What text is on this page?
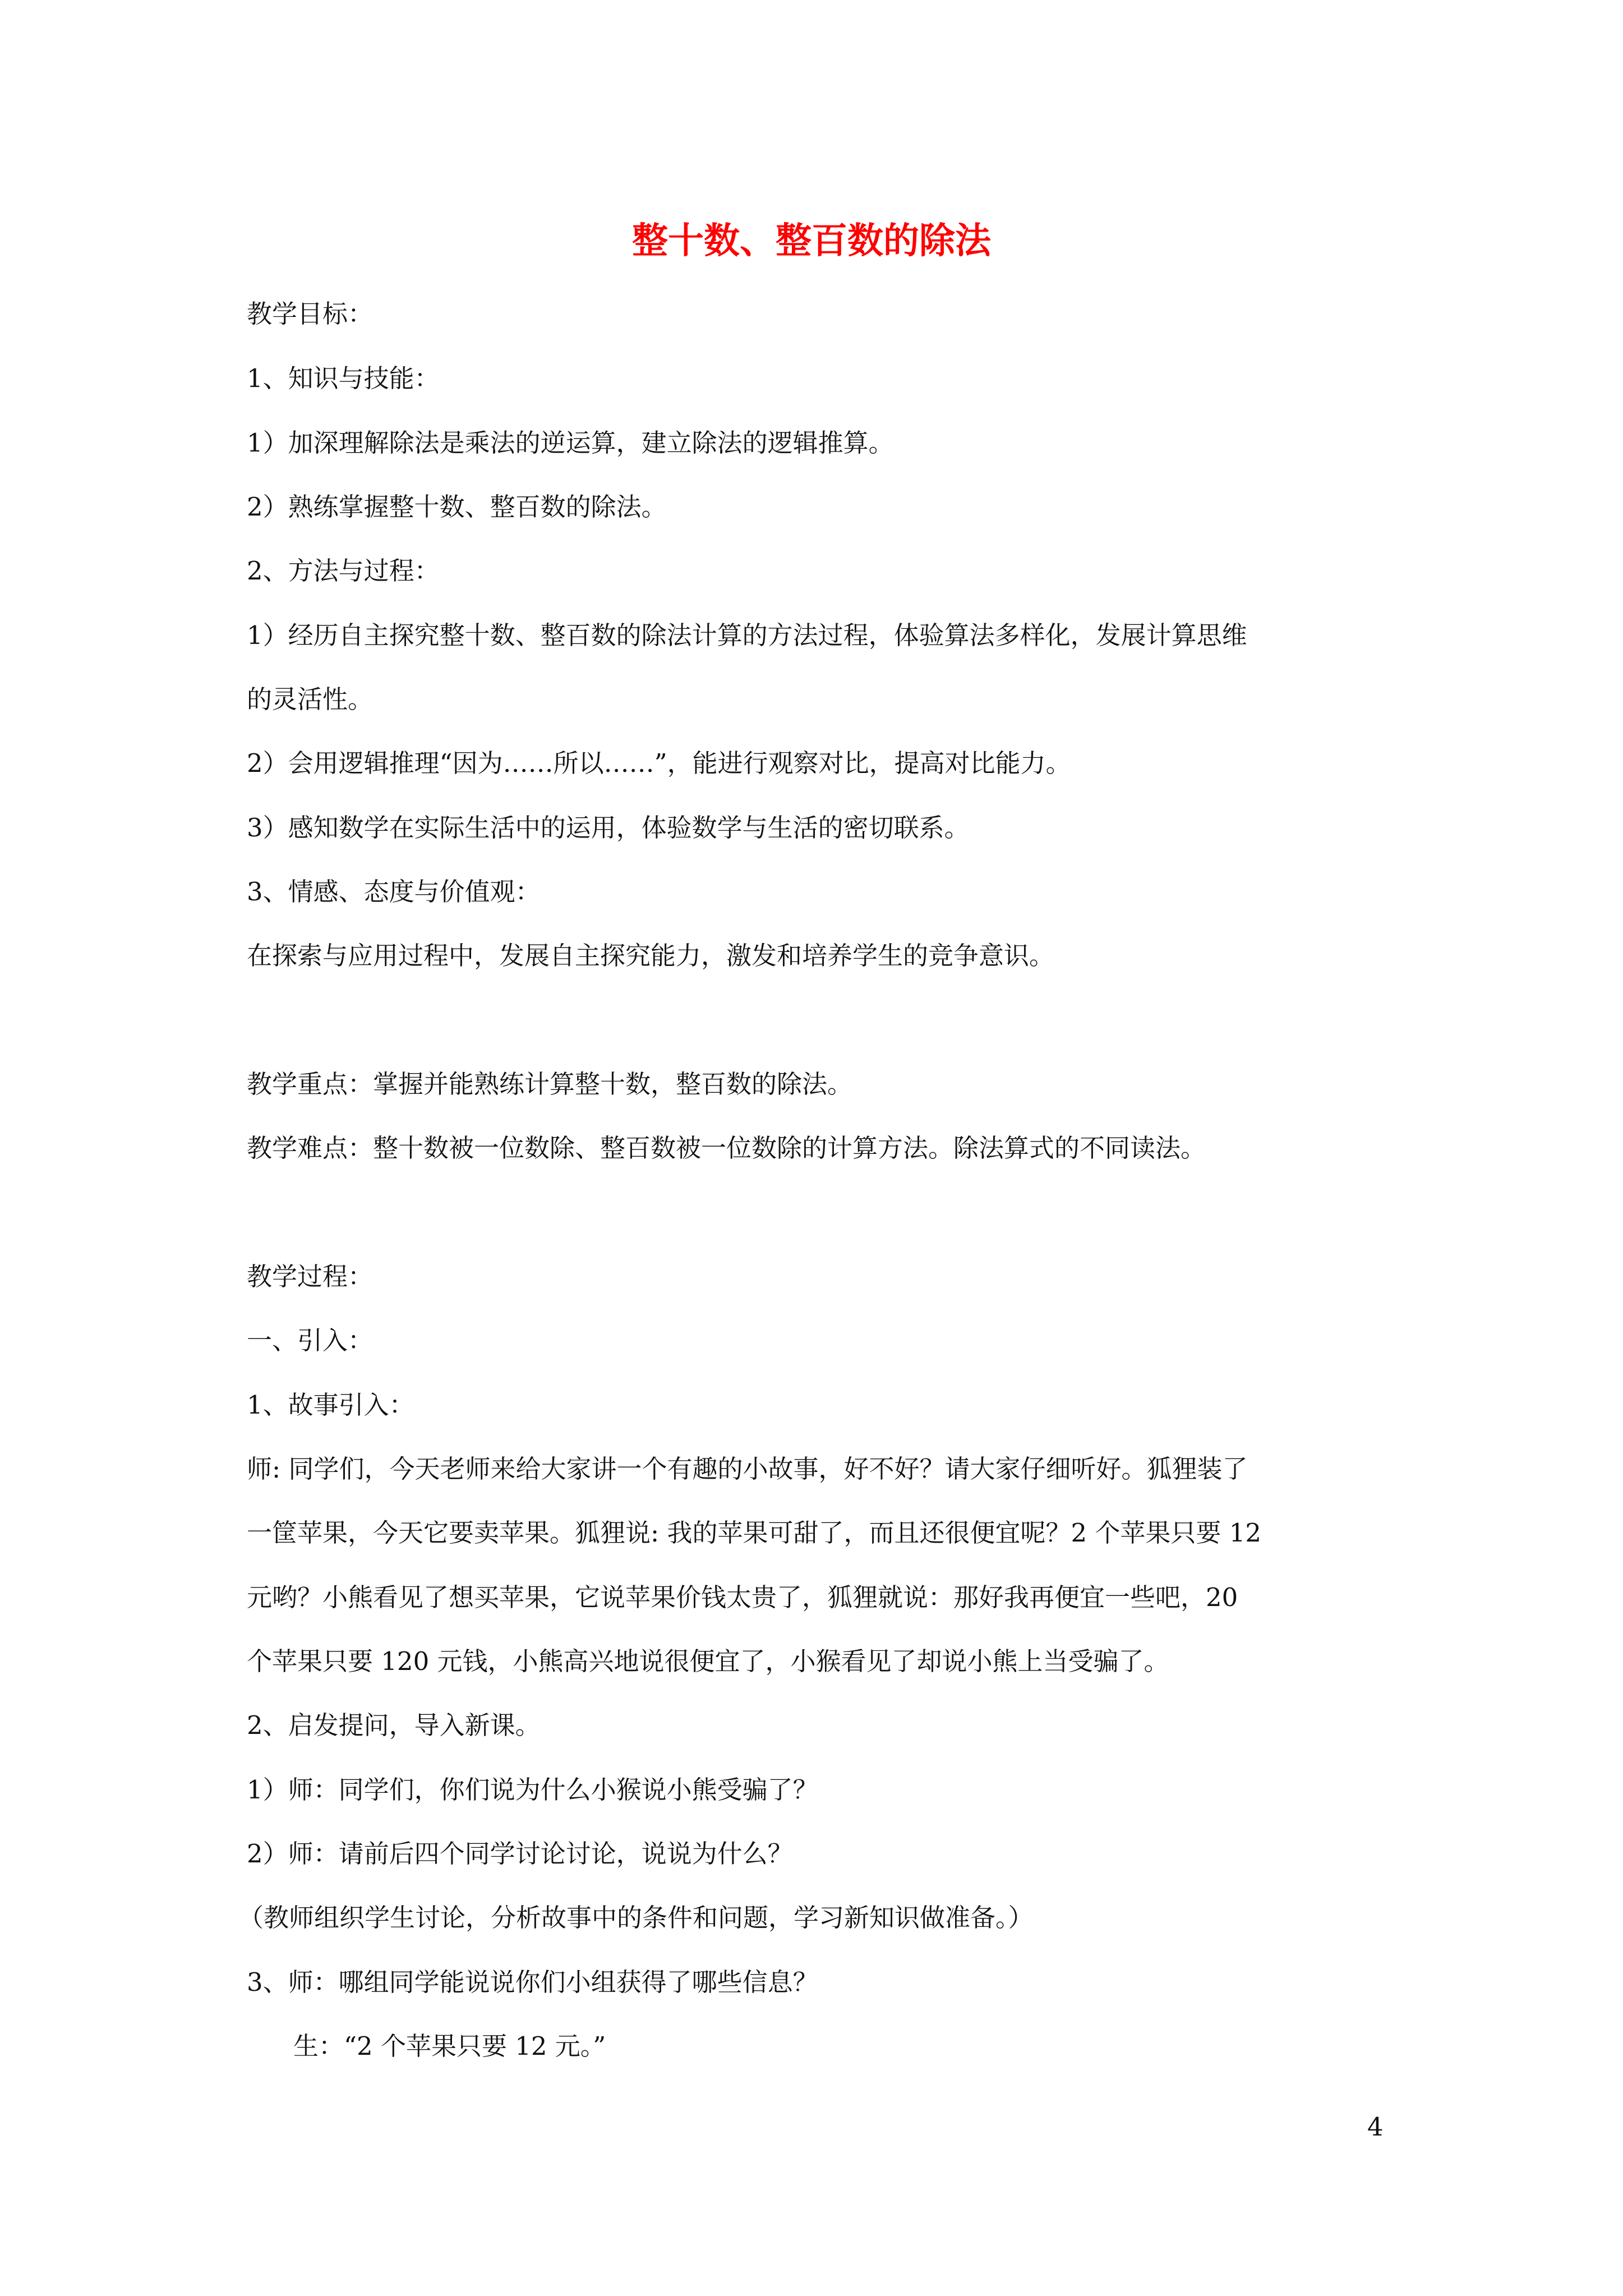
整十数、整百数的除法

教学目标：

1、知识与技能：

1）加深理解除法是乘法的逆运算，建立除法的逻辑推算。

2）熟练掌握整十数、整百数的除法。

2、方法与过程：

1）经历自主探究整十数、整百数的除法计算的方法过程，体验算法多样化，发展计算思维

的灵活性。

2）会用逻辑推理“因为……所以……”，能进行观察对比，提高对比能力。

3）感知数学在实际生活中的运用，体验数学与生活的密切联系。

3、情感、态度与价值观：

在探索与应用过程中，发展自主探究能力，激发和培养学生的竞争意识。

教学重点：掌握并能熟练计算整十数，整百数的除法。

教学难点：整十数被一位数除、整百数被一位数除的计算方法。除法算式的不同读法。

教学过程：

一、引入：

1、故事引入：

师: 同学们，今天老师来给大家讲一个有趣的小故事，好不好？请大家仔细听好。狐狸装了

一筐苹果，今天它要卖苹果。狐狸说: 我的苹果可甜了，而且还很便宜呢？2 个苹果只要 12

元哟？小熊看见了想买苹果，它说苹果价钱太贵了，狐狸就说：那好我再便宜一些吧，20

个苹果只要 120 元钱，小熊高兴地说很便宜了，小猴看见了却说小熊上当受骗了。

2、启发提问，导入新课。

1）师：同学们，你们说为什么小猴说小熊受骗了？

2）师：请前后四个同学讨论讨论，说说为什么？

（教师组织学生讨论，分析故事中的条件和问题，学习新知识做准备。）

3、师：哪组同学能说说你们小组获得了哪些信息？

生：“2 个苹果只要 12 元。”

4
